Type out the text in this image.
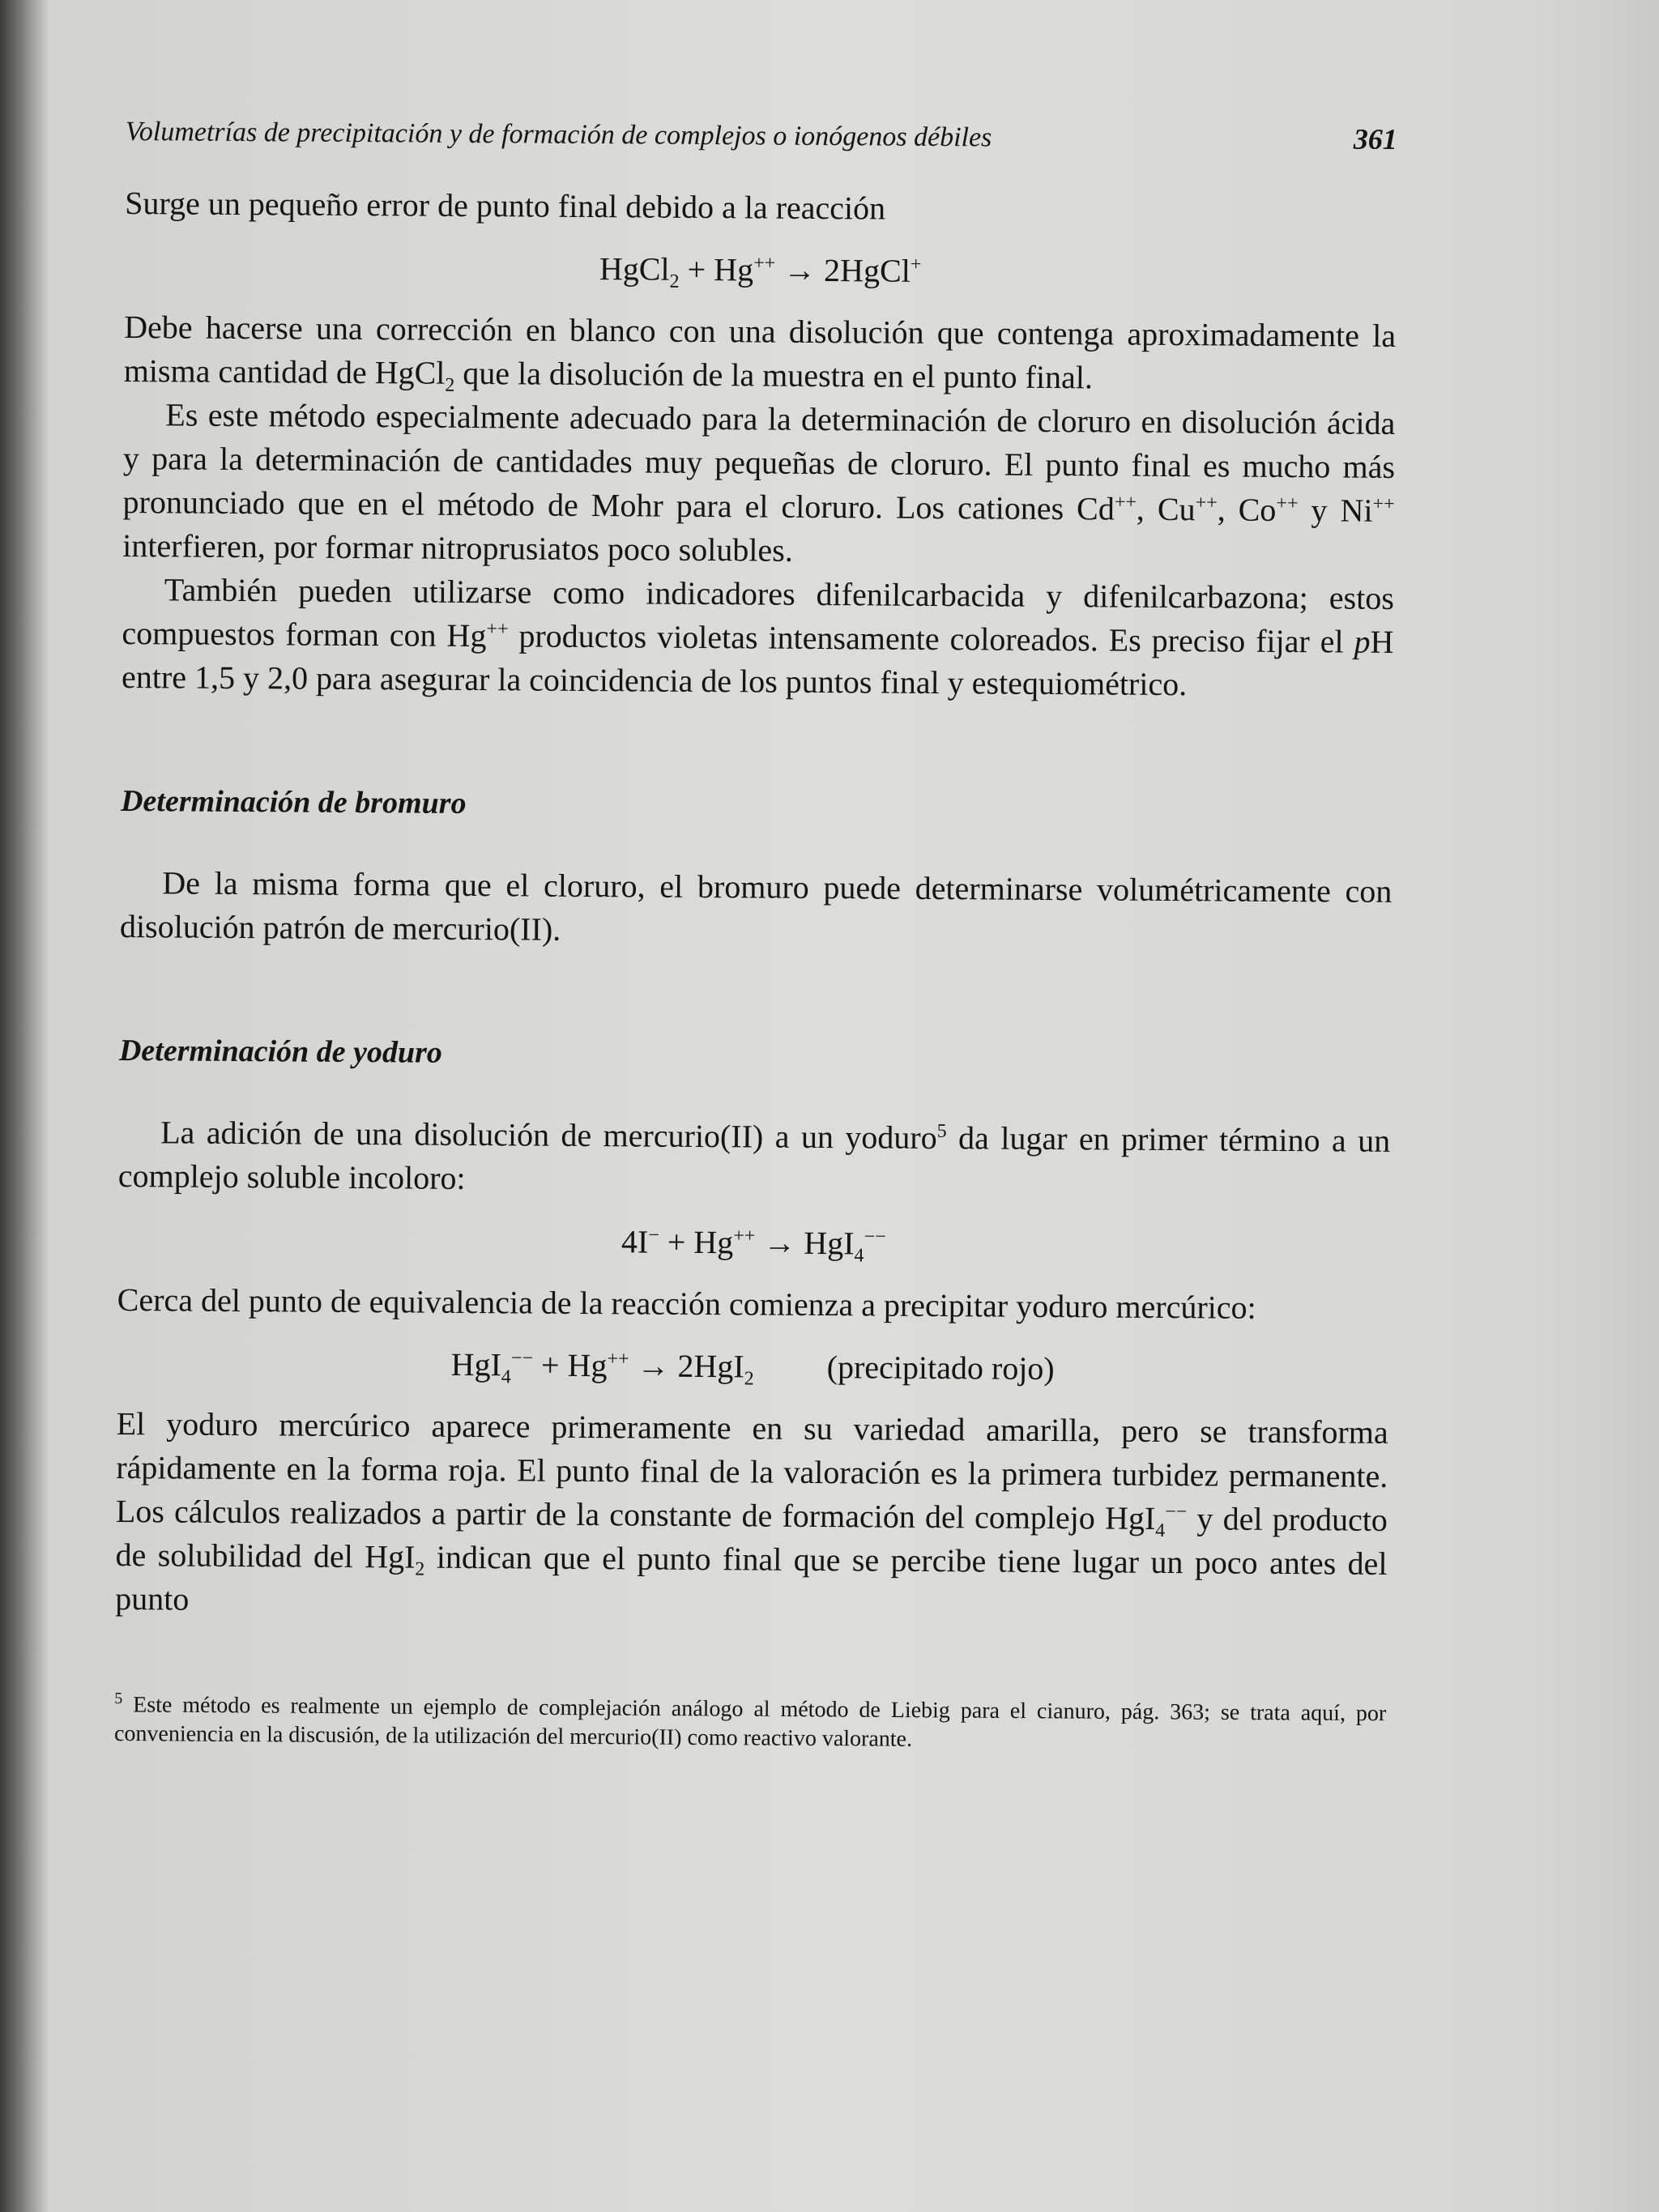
Volumetrías de precipitación y de formación de complejos o ionógenos débiles	361

Surge un pequeño error de punto final debido a la reacción

HgCl$_2$ + Hg++ → 2HgCl+

Debe hacerse una corrección en blanco con una disolución que contenga aproximadamente la misma cantidad de HgCl$_2$ que la disolución de la muestra en el punto final.

Es este método especialmente adecuado para la determinación de cloruro en disolución ácida y para la determinación de cantidades muy pequeñas de cloruro. El punto final es mucho más pronunciado que en el método de Mohr para el cloruro. Los cationes Cd++, Cu++, Co++ y Ni++ interfieren, por formar nitroprusiatos poco solubles.

También pueden utilizarse como indicadores difenilcarbacida y difenilcarbazona; estos compuestos forman con Hg++ productos violetas intensamente coloreados. Es preciso fijar el pH entre 1,5 y 2,0 para asegurar la coincidencia de los puntos final y estequiométrico.

Determinación de bromuro

De la misma forma que el cloruro, el bromuro puede determinarse volumétricamente con disolución patrón de mercurio(II).

Determinación de yoduro

La adición de una disolución de mercurio(II) a un yoduro$^5$ da lugar en primer término a un complejo soluble incoloro:

4I− + Hg++ → HgI$_4$−−

Cerca del punto de equivalencia de la reacción comienza a precipitar yoduro mercúrico:

HgI$_4$−− + Hg++ → 2HgI$_2$ (precipitado rojo)

El yoduro mercúrico aparece primeramente en su variedad amarilla, pero se transforma rápidamente en la forma roja. El punto final de la valoración es la primera turbidez permanente. Los cálculos realizados a partir de la constante de formación del complejo HgI$_4$−− y del producto de solubilidad del HgI$_2$ indican que el punto final que se percibe tiene lugar un poco antes del punto

$^5$ Este método es realmente un ejemplo de complejación análogo al método de Liebig para el cianuro, pág. 363; se trata aquí, por conveniencia en la discusión, de la utilización del mercurio(II) como reactivo valorante.
